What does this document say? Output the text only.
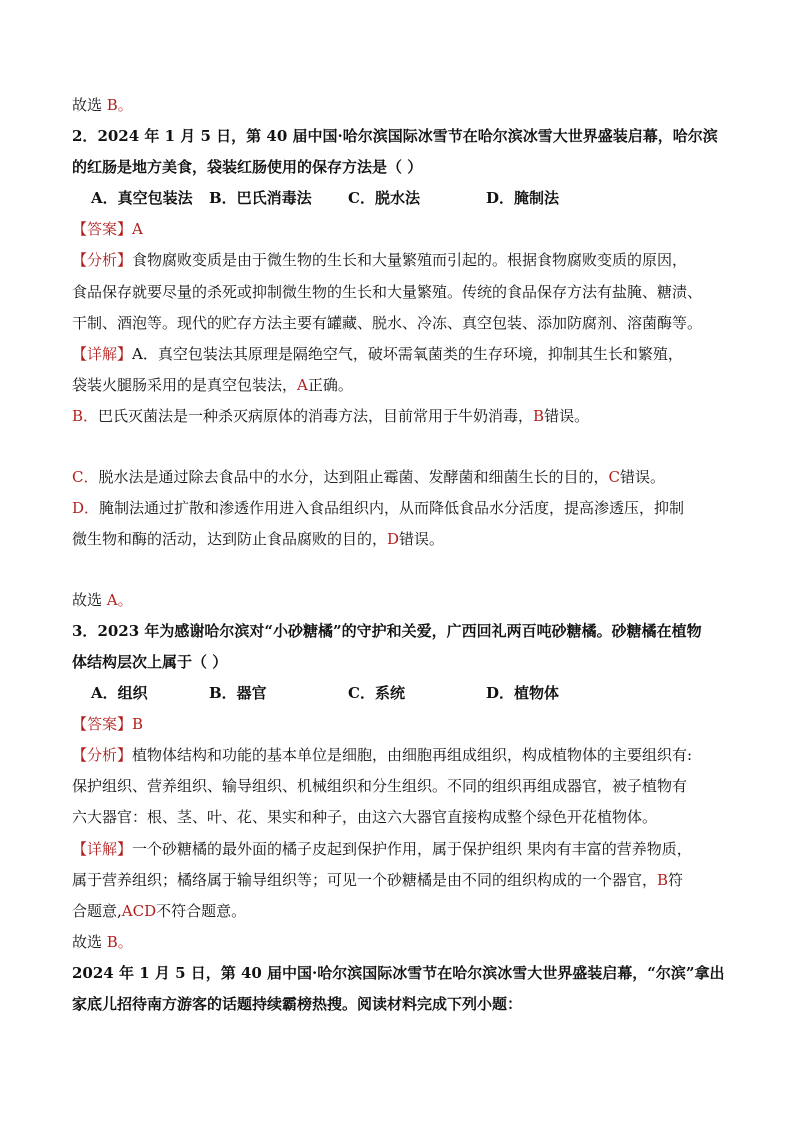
故选 B。
2．2024 年 1 月 5 日，第 40 届中国·哈尔滨国际冰雪节在哈尔滨冰雪大世界盛装启幕，哈尔滨
的红肠是地方美食，袋装红肠使用的保存方法是（ ）
A．真空包装法 B．巴氏消毒法 C．脱水法	D．腌制法
【答案】A
【分析】食物腐败变质是由于微生物的生长和大量繁殖而引起的。根据食物腐败变质的原因，
食品保存就要尽量的杀死或抑制微生物的生长和大量繁殖。传统的食品保存方法有盐腌、糖渍、
干制、酒泡等。现代的贮存方法主要有罐藏、脱水、冷冻、真空包装、添加防腐剂、溶菌酶等。
【详解】A．真空包装法其原理是隔绝空气，破坏需氧菌类的生存环境，抑制其生长和繁殖，
袋装火腿肠采用的是真空包装法，A正确。
B．巴氏灭菌法是一种杀灭病原体的消毒方法，目前常用于牛奶消毒，B错误。
C．脱水法是通过除去食品中的水分，达到阻止霉菌、发酵菌和细菌生长的目的，C错误。
D．腌制法通过扩散和渗透作用进入食品组织内，从而降低食品水分活度，提高渗透压，抑制
微生物和酶的活动，达到防止食品腐败的目的，D错误。
故选 A。
3．2023 年为感谢哈尔滨对“小砂糖橘”的守护和关爱，广西回礼两百吨砂糖橘。砂糖橘在植物
体结构层次上属于（ ）
A．组织	B．器官	C．系统	D．植物体
【答案】B
【分析】植物体结构和功能的基本单位是细胞，由细胞再组成组织，构成植物体的主要组织有:
保护组织、营养组织、输导组织、机械组织和分生组织。不同的组织再组成器官，被子植物有
六大器官：根、茎、叶、花、果实和种子，由这六大器官直接构成整个绿色开花植物体。
【详解】一个砂糖橘的最外面的橘子皮起到保护作用，属于保护组织 果肉有丰富的营养物质，
属于营养组织；橘络属于输导组织等；可见一个砂糖橘是由不同的组织构成的一个器官，B符
合题意,ACD不符合题意。
故选 B。
2024 年 1 月 5 日，第 40 届中国·哈尔滨国际冰雪节在哈尔滨冰雪大世界盛装启幕，“尔滨”拿出
家底儿招待南方游客的话题持续霸榜热搜。阅读材料完成下列小题：
